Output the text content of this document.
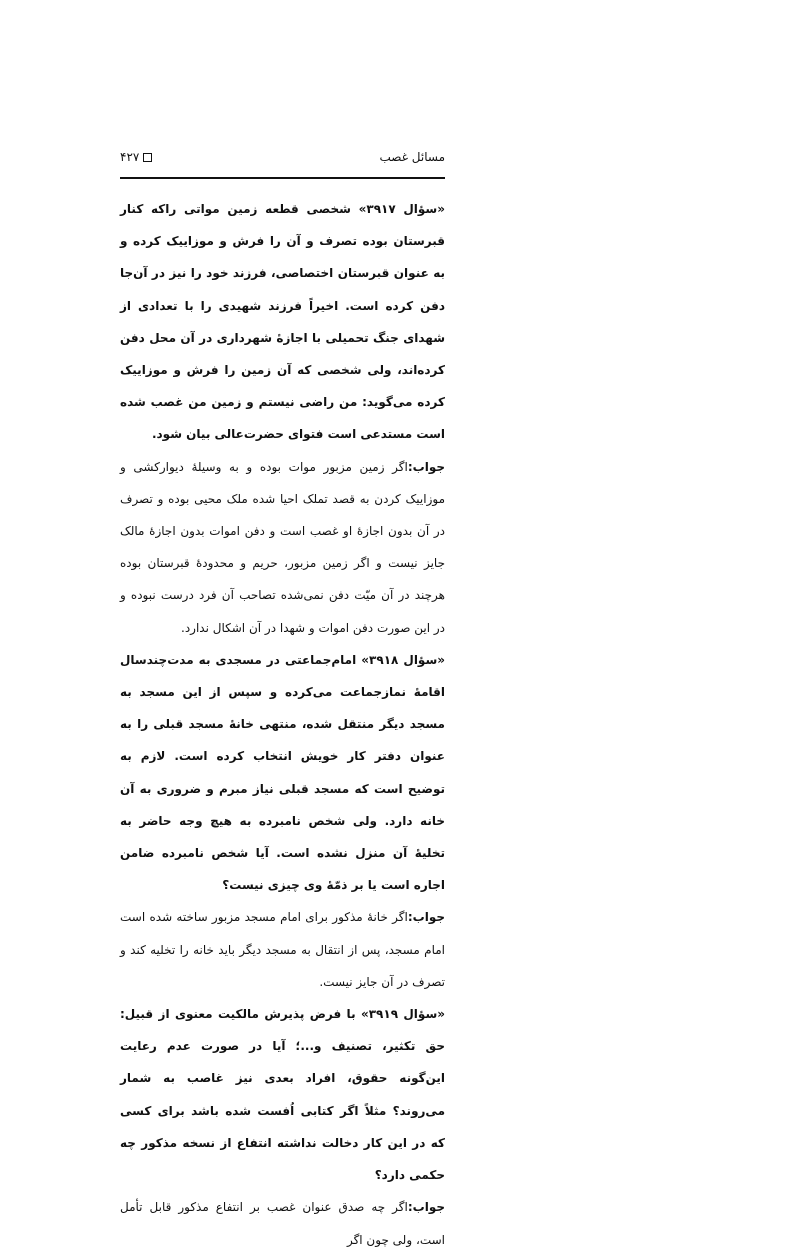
مسائل غصب
۴۲۷

«سؤال ۳۹۱۷» شخصی قطعه زمین مواتی راکه کنار قبرستان بوده تصرف و آن را فرش و موزاییک کرده و به عنوان قبرستان اختصاصی، فرزند خود را نیز در آن‌جا دفن کرده است. اخیراً فرزند شهیدی را با تعدادی از شهدای جنگ تحمیلی با اجازهٔ شهرداری در آن محل دفن کرده‌اند، ولی شخصی که آن زمین را فرش و موزاییک کرده می‌گوید: من راضی نیستم و زمین من غصب شده است مستدعی است فتوای حضرت‌عالی بیان شود.

جواب:اگر زمین مزبور موات بوده و به وسیلهٔ دیوارکشی و موزاییک کردن به قصد تملک احیا شده ملک محیی بوده و تصرف در آن بدون اجازهٔ او غصب است و دفن اموات بدون اجازهٔ مالک جایز نیست و اگر زمین مزبور، حریم و محدودهٔ قبرستان بوده هرچند در آن میّت دفن نمی‌شده تصاحب آن فرد درست نبوده و در این صورت دفن اموات و شهدا در آن اشکال ندارد.

«سؤال ۳۹۱۸» امام‌جماعتی در مسجدی به مدت‌چندسال اقامهٔ نمازجماعت می‌کرده و سپس از این مسجد به مسجد دیگر منتقل شده، منتهی خانهٔ مسجد قبلی را به عنوان دفتر کار خویش انتخاب کرده است. لازم به توضیح است که مسجد قبلی نیاز مبرم و ضروری به آن خانه دارد. ولی شخص نامبرده به هیچ وجه حاضر به تخلیهٔ آن منزل نشده است. آیا شخص نامبرده ضامن اجاره است یا بر ذمّهٔ وی چیزی نیست؟

جواب:اگر خانهٔ مذکور برای امام مسجد مزبور ساخته شده است امام مسجد، پس از انتقال به مسجد دیگر باید خانه را تخلیه کند و تصرف در آن جایز نیست.

«سؤال ۳۹۱۹» با فرض پذیرش مالکیت معنوی از قبیل: حق تکثیر، تصنیف و...؛ آیا در صورت عدم رعایت این‌گونه حقوق، افراد بعدی نیز غاصب به شمار می‌روند؟ مثلاً اگر کتابی اُفست شده باشد برای کسی که در این کار دخالت نداشته انتفاع از نسخه مذکور چه حکمی دارد؟

جواب:اگر چه صدق عنوان غصب بر انتفاع مذکور قابل تأمل است، ولی چون اگر
